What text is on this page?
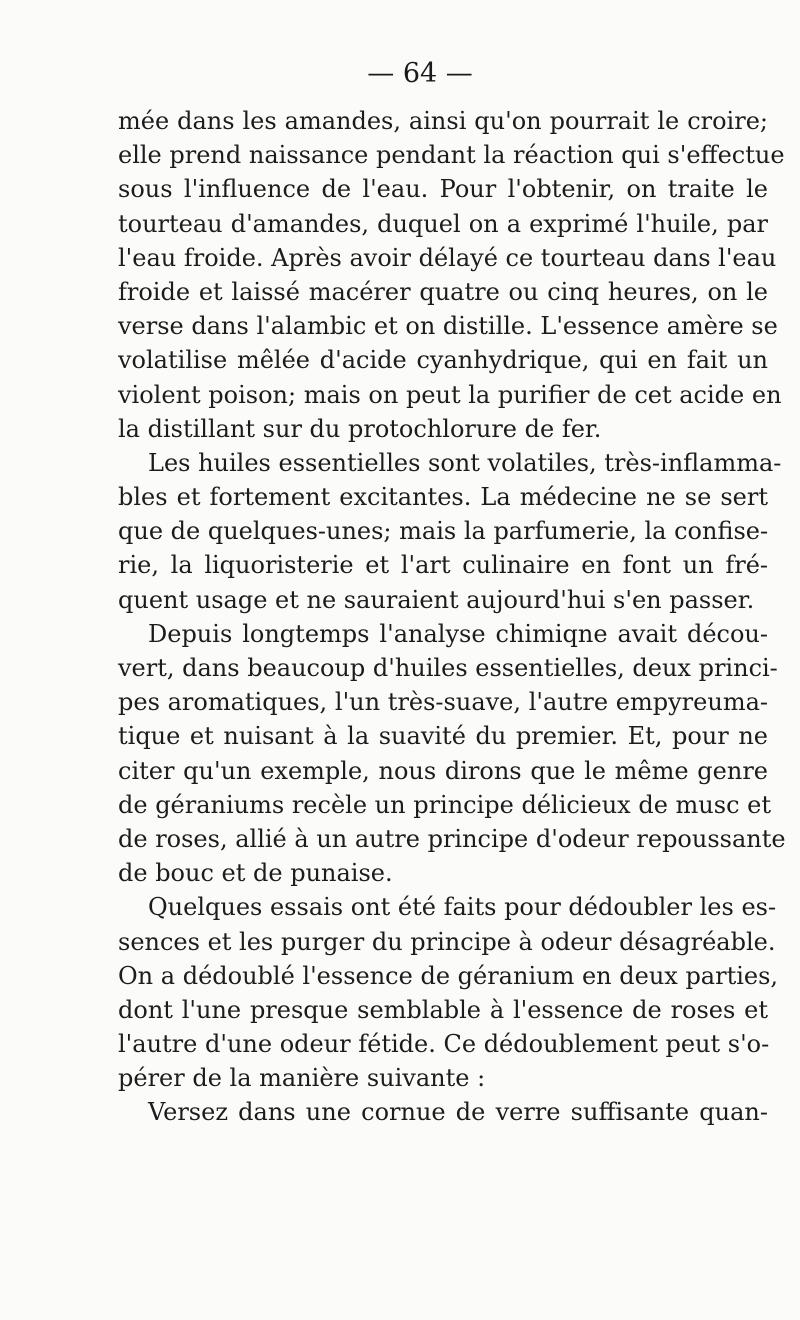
— 64 —
mée dans les amandes, ainsi qu'on pourrait le croire;
elle prend naissance pendant la réaction qui s'effectue
sous l'influence de l'eau. Pour l'obtenir, on traite le
tourteau d'amandes, duquel on a exprimé l'huile, par
l'eau froide. Après avoir délayé ce tourteau dans l'eau
froide et laissé macérer quatre ou cinq heures, on le
verse dans l'alambic et on distille. L'essence amère se
volatilise mêlée d'acide cyanhydrique, qui en fait un
violent poison; mais on peut la purifier de cet acide en
la distillant sur du protochlorure de fer.
Les huiles essentielles sont volatiles, très-inflamma-
bles et fortement excitantes. La médecine ne se sert
que de quelques-unes; mais la parfumerie, la confise-
rie, la liquoristerie et l'art culinaire en font un fré-
quent usage et ne sauraient aujourd'hui s'en passer.
Depuis longtemps l'analyse chimiqne avait décou-
vert, dans beaucoup d'huiles essentielles, deux princi-
pes aromatiques, l'un très-suave, l'autre empyreuma-
tique et nuisant à la suavité du premier. Et, pour ne
citer qu'un exemple, nous dirons que le même genre
de géraniums recèle un principe délicieux de musc et
de roses, allié à un autre principe d'odeur repoussante
de bouc et de punaise.
Quelques essais ont été faits pour dédoubler les es-
sences et les purger du principe à odeur désagréable.
On a dédoublé l'essence de géranium en deux parties,
dont l'une presque semblable à l'essence de roses et
l'autre d'une odeur fétide. Ce dédoublement peut s'o-
pérer de la manière suivante :
Versez dans une cornue de verre suffisante quan-
